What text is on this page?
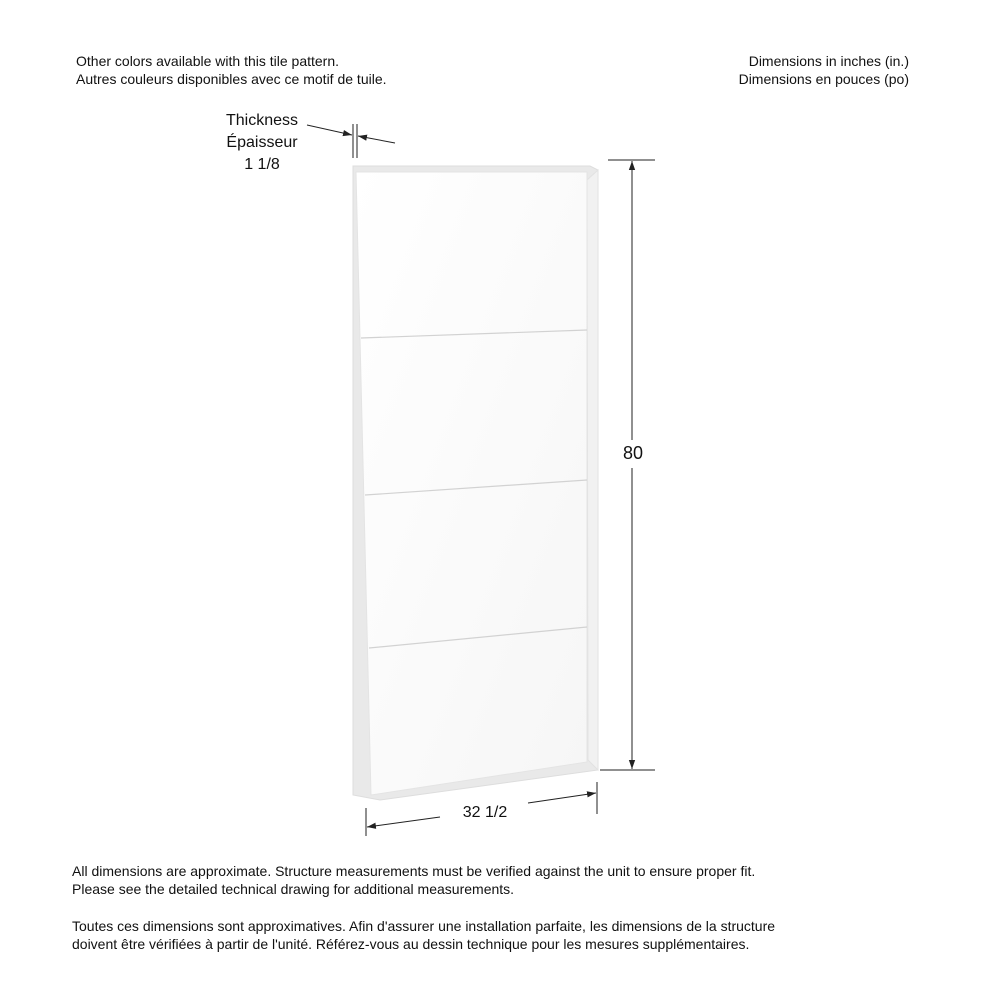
Other colors available with this tile pattern.
Autres couleurs disponibles avec ce motif de tuile.
Dimensions in inches (in.)
Dimensions en pouces (po)
Thickness
Épaisseur
1 1/8
80
32 1/2
All dimensions are approximate. Structure measurements must be verified against the unit to ensure proper fit.
Please see the detailed technical drawing for additional measurements.
Toutes ces dimensions sont approximatives. Afin d'assurer une installation parfaite, les dimensions de la structure
doivent être vérifiées à partir de l'unité. Référez-vous au dessin technique pour les mesures supplémentaires.
